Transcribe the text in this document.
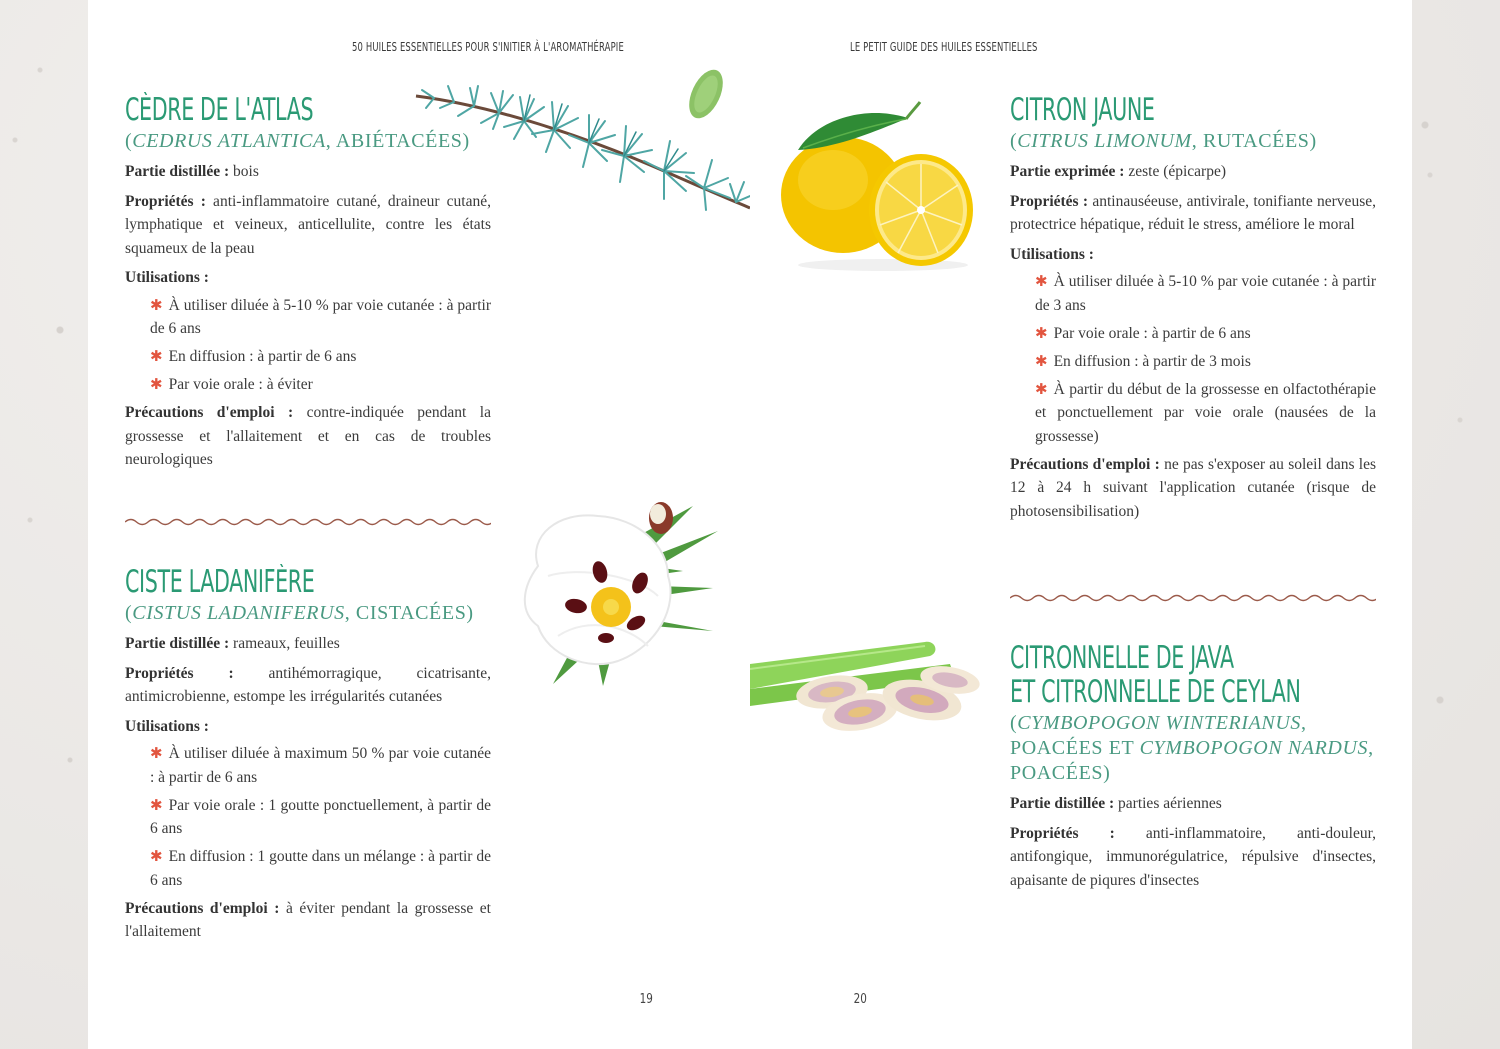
50 HUILES ESSENTIELLES POUR S'INITIER À L'AROMATHÉRAPIE
CÈDRE DE L'ATLAS
(CEDRUS ATLANTICA, ABIÉTACÉES)

Partie distillée : bois

Propriétés : anti-inflammatoire cutané, draineur cutané, lymphatique et veineux, anticellulite, contre les états squameux de la peau

Utilisations :

✱ À utiliser diluée à 5-10 % par voie cutanée : à partir de 6 ans
✱ En diffusion : à partir de 6 ans
✱ Par voie orale : à éviter

Précautions d'emploi : contre-indiquée pendant la grossesse et l'allaitement et en cas de troubles neurologiques

CISTE LADANIFÈRE
(CISTUS LADANIFERUS, CISTACÉES)

Partie distillée : rameaux, feuilles

Propriétés : antihémorragique, cicatrisante, antimicrobienne, estompe les irrégularités cutanées

Utilisations :

✱ À utiliser diluée à maximum 50 % par voie cutanée : à partir de 6 ans
✱ Par voie orale : 1 goutte ponctuellement, à partir de 6 ans
✱ En diffusion : 1 goutte dans un mélange : à partir de 6 ans

Précautions d'emploi : à éviter pendant la grossesse et l'allaitement

19
LE PETIT GUIDE DES HUILES ESSENTIELLES
CITRON JAUNE
(CITRUS LIMONUM, RUTACÉES)

Partie exprimée : zeste (épicarpe)

Propriétés : antinauséeuse, antivirale, tonifiante nerveuse, protectrice hépatique, réduit le stress, améliore le moral

Utilisations :

✱ À utiliser diluée à 5-10 % par voie cutanée : à partir de 3 ans
✱ Par voie orale : à partir de 6 ans
✱ En diffusion : à partir de 3 mois
✱ À partir du début de la grossesse en olfactothérapie et ponctuellement par voie orale (nausées de la grossesse)

Précautions d'emploi : ne pas s'exposer au soleil dans les 12 à 24 h suivant l'application cutanée (risque de photosensibilisation)

CITRONNELLE DE JAVA
ET CITRONNELLE DE CEYLAN
(CYMBOPOGON WINTERIANUS, POACÉES ET CYMBOPOGON NARDUS, POACÉES)

Partie distillée : parties aériennes

Propriétés : anti-inflammatoire, anti-douleur, antifongique, immunorégulatrice, répulsive d'insectes, apaisante de piqures d'insectes

20
